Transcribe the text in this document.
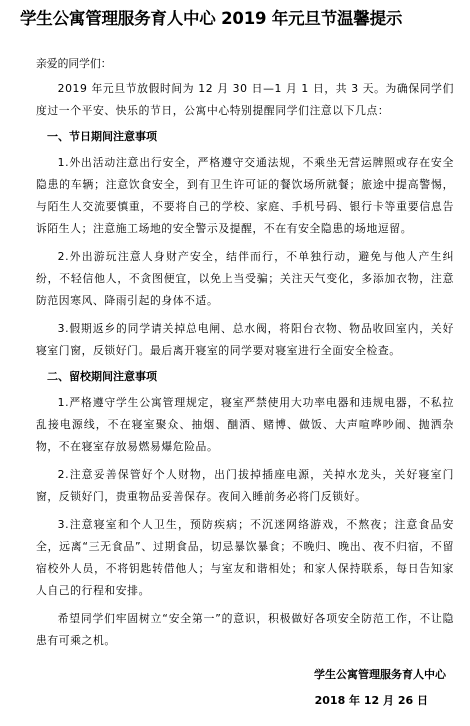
学生公寓管理服务育人中心 2019 年元旦节温馨提示
亲爱的同学们：

2019 年元旦节放假时间为 12 月 30 日—1 月 1 日，共 3 天。为确保同学们度过一个平安、快乐的节日，公寓中心特别提醒同学们注意以下几点：

一、节日期间注意事项

1.外出活动注意出行安全，严格遵守交通法规，不乘坐无营运牌照或存在安全隐患的车辆；注意饮食安全，到有卫生许可证的餐饮场所就餐；旅途中提高警惕，与陌生人交流要慎重，不要将自己的学校、家庭、手机号码、银行卡等重要信息告诉陌生人；注意施工场地的安全警示及提醒，不在有安全隐患的场地逗留。

2.外出游玩注意人身财产安全，结伴而行，不单独行动，避免与他人产生纠纷，不轻信他人，不贪图便宜，以免上当受骗；关注天气变化，多添加衣物，注意防范因寒风、降雨引起的身体不适。

3.假期返乡的同学请关掉总电闸、总水阀，将阳台衣物、物品收回室内，关好寝室门窗，反锁好门。最后离开寝室的同学要对寝室进行全面安全检查。

二、留校期间注意事项

1.严格遵守学生公寓管理规定，寝室严禁使用大功率电器和违规电器，不私拉乱接电源线，不在寝室聚众、抽烟、酗酒、赌博、做饭、大声喧哗吵闹、抛洒杂物，不在寝室存放易燃易爆危险品。

2.注意妥善保管好个人财物，出门拔掉插座电源，关掉水龙头，关好寝室门窗，反锁好门，贵重物品妥善保存。夜间入睡前务必将门反锁好。

3.注意寝室和个人卫生，预防疾病；不沉迷网络游戏，不熬夜；注意食品安全，远离“三无食品”、过期食品，切忌暴饮暴食；不晚归、晚出、夜不归宿，不留宿校外人员，不将钥匙转借他人；与室友和谐相处；和家人保持联系，每日告知家人自己的行程和安排。

希望同学们牢固树立“安全第一”的意识，积极做好各项安全防范工作，不让隐患有可乘之机。

学生公寓管理服务育人中心
2018 年 12 月 26 日
